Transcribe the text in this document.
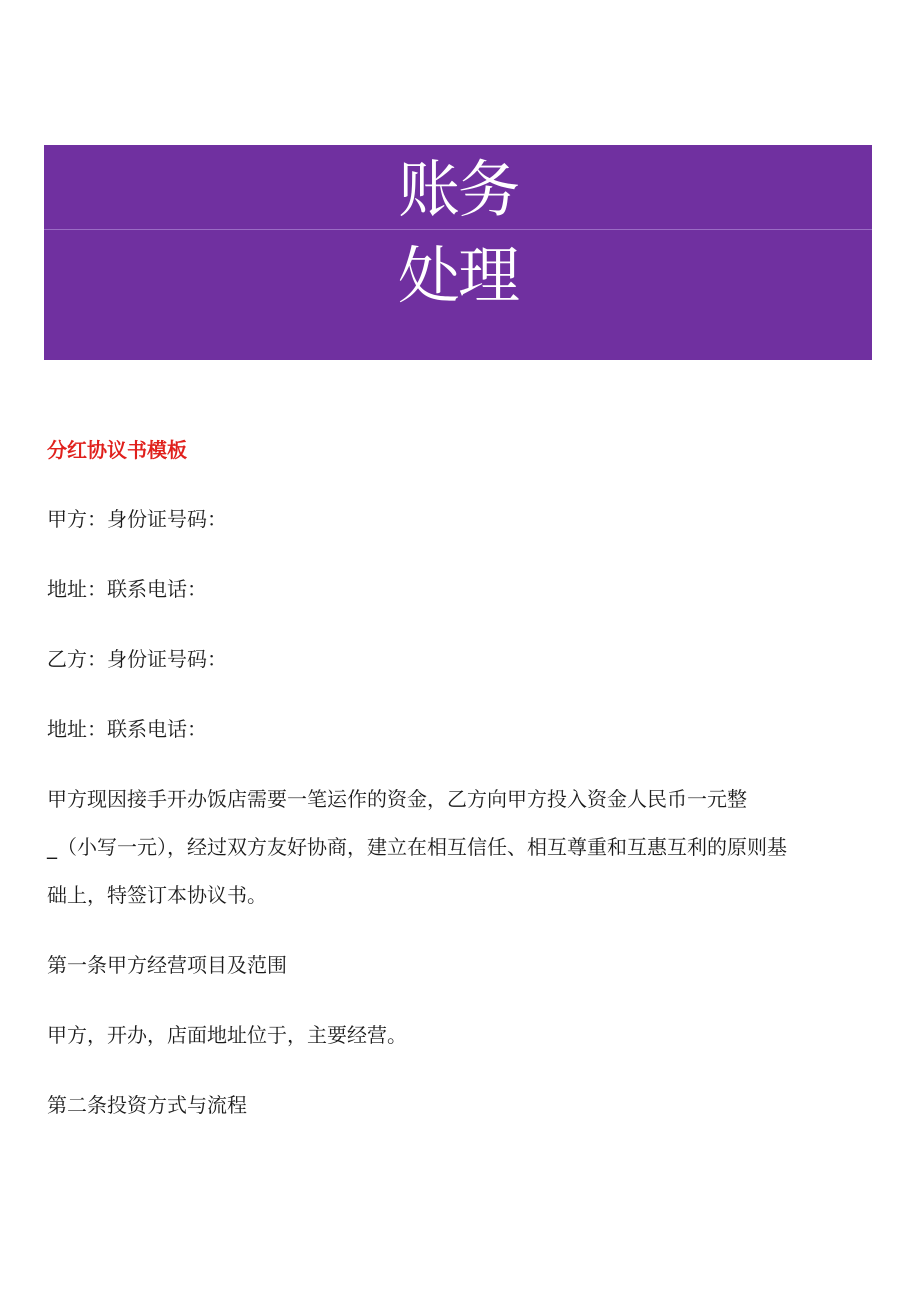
账务
处理
分红协议书模板

甲方：身份证号码：

地址：联系电话：

乙方：身份证号码：

地址：联系电话：

甲方现因接手开办饭店需要一笔运作的资金，乙方向甲方投入资金人民币一元整
_（小写一元），经过双方友好协商，建立在相互信任、相互尊重和互惠互利的原则基
础上，特签订本协议书。

第一条甲方经营项目及范围

甲方，开办，店面地址位于，主要经营。

第二条投资方式与流程
